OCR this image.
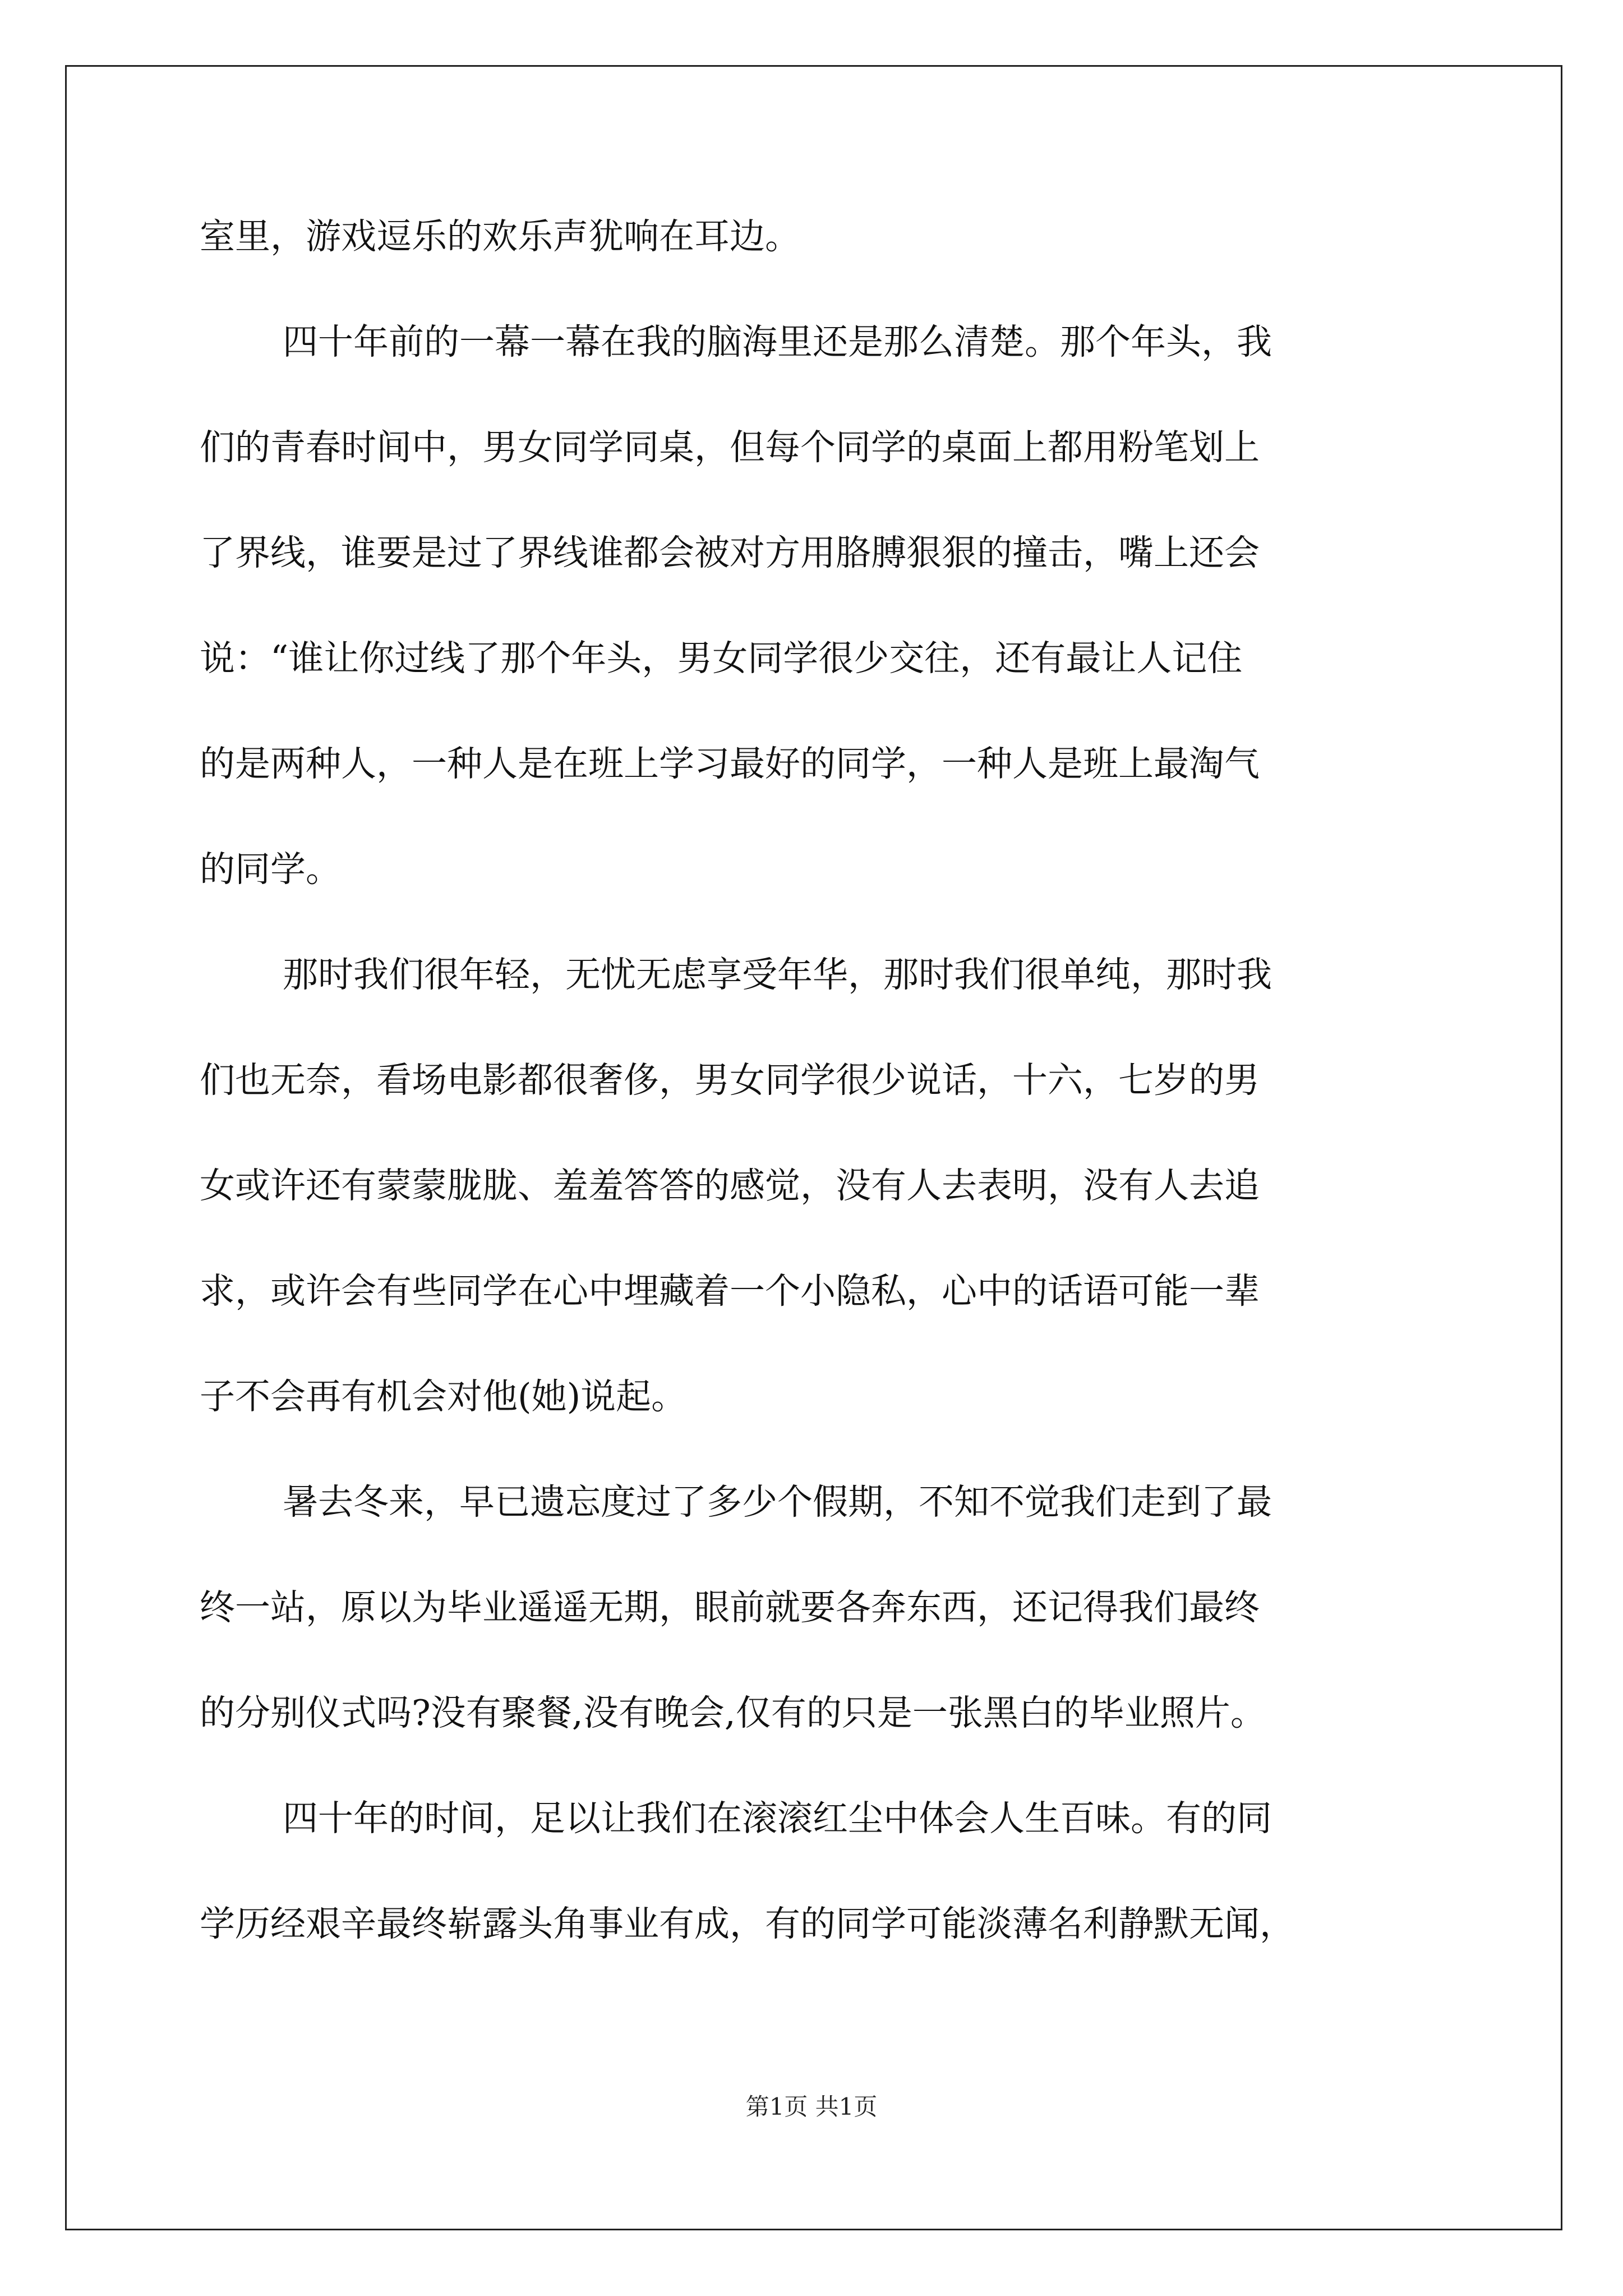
室里，游戏逗乐的欢乐声犹响在耳边。
四十年前的一幕一幕在我的脑海里还是那么清楚。那个年头，我
们的青春时间中，男女同学同桌，但每个同学的桌面上都用粉笔划上
了界线，谁要是过了界线谁都会被对方用胳膊狠狠的撞击，嘴上还会
说：“谁让你过线了那个年头，男女同学很少交往，还有最让人记住
的是两种人，一种人是在班上学习最好的同学，一种人是班上最淘气
的同学。
那时我们很年轻，无忧无虑享受年华，那时我们很单纯，那时我
们也无奈，看场电影都很奢侈，男女同学很少说话，十六，七岁的男
女或许还有蒙蒙胧胧、羞羞答答的感觉，没有人去表明，没有人去追
求，或许会有些同学在心中埋藏着一个小隐私，心中的话语可能一辈
子不会再有机会对他(她)说起。
暑去冬来，早已遗忘度过了多少个假期，不知不觉我们走到了最
终一站，原以为毕业遥遥无期，眼前就要各奔东西，还记得我们最终
的分别仪式吗?没有聚餐,没有晚会,仅有的只是一张黑白的毕业照片。
四十年的时间，足以让我们在滚滚红尘中体会人生百味。有的同
学历经艰辛最终崭露头角事业有成，有的同学可能淡薄名利静默无闻，
第1页 共1页
